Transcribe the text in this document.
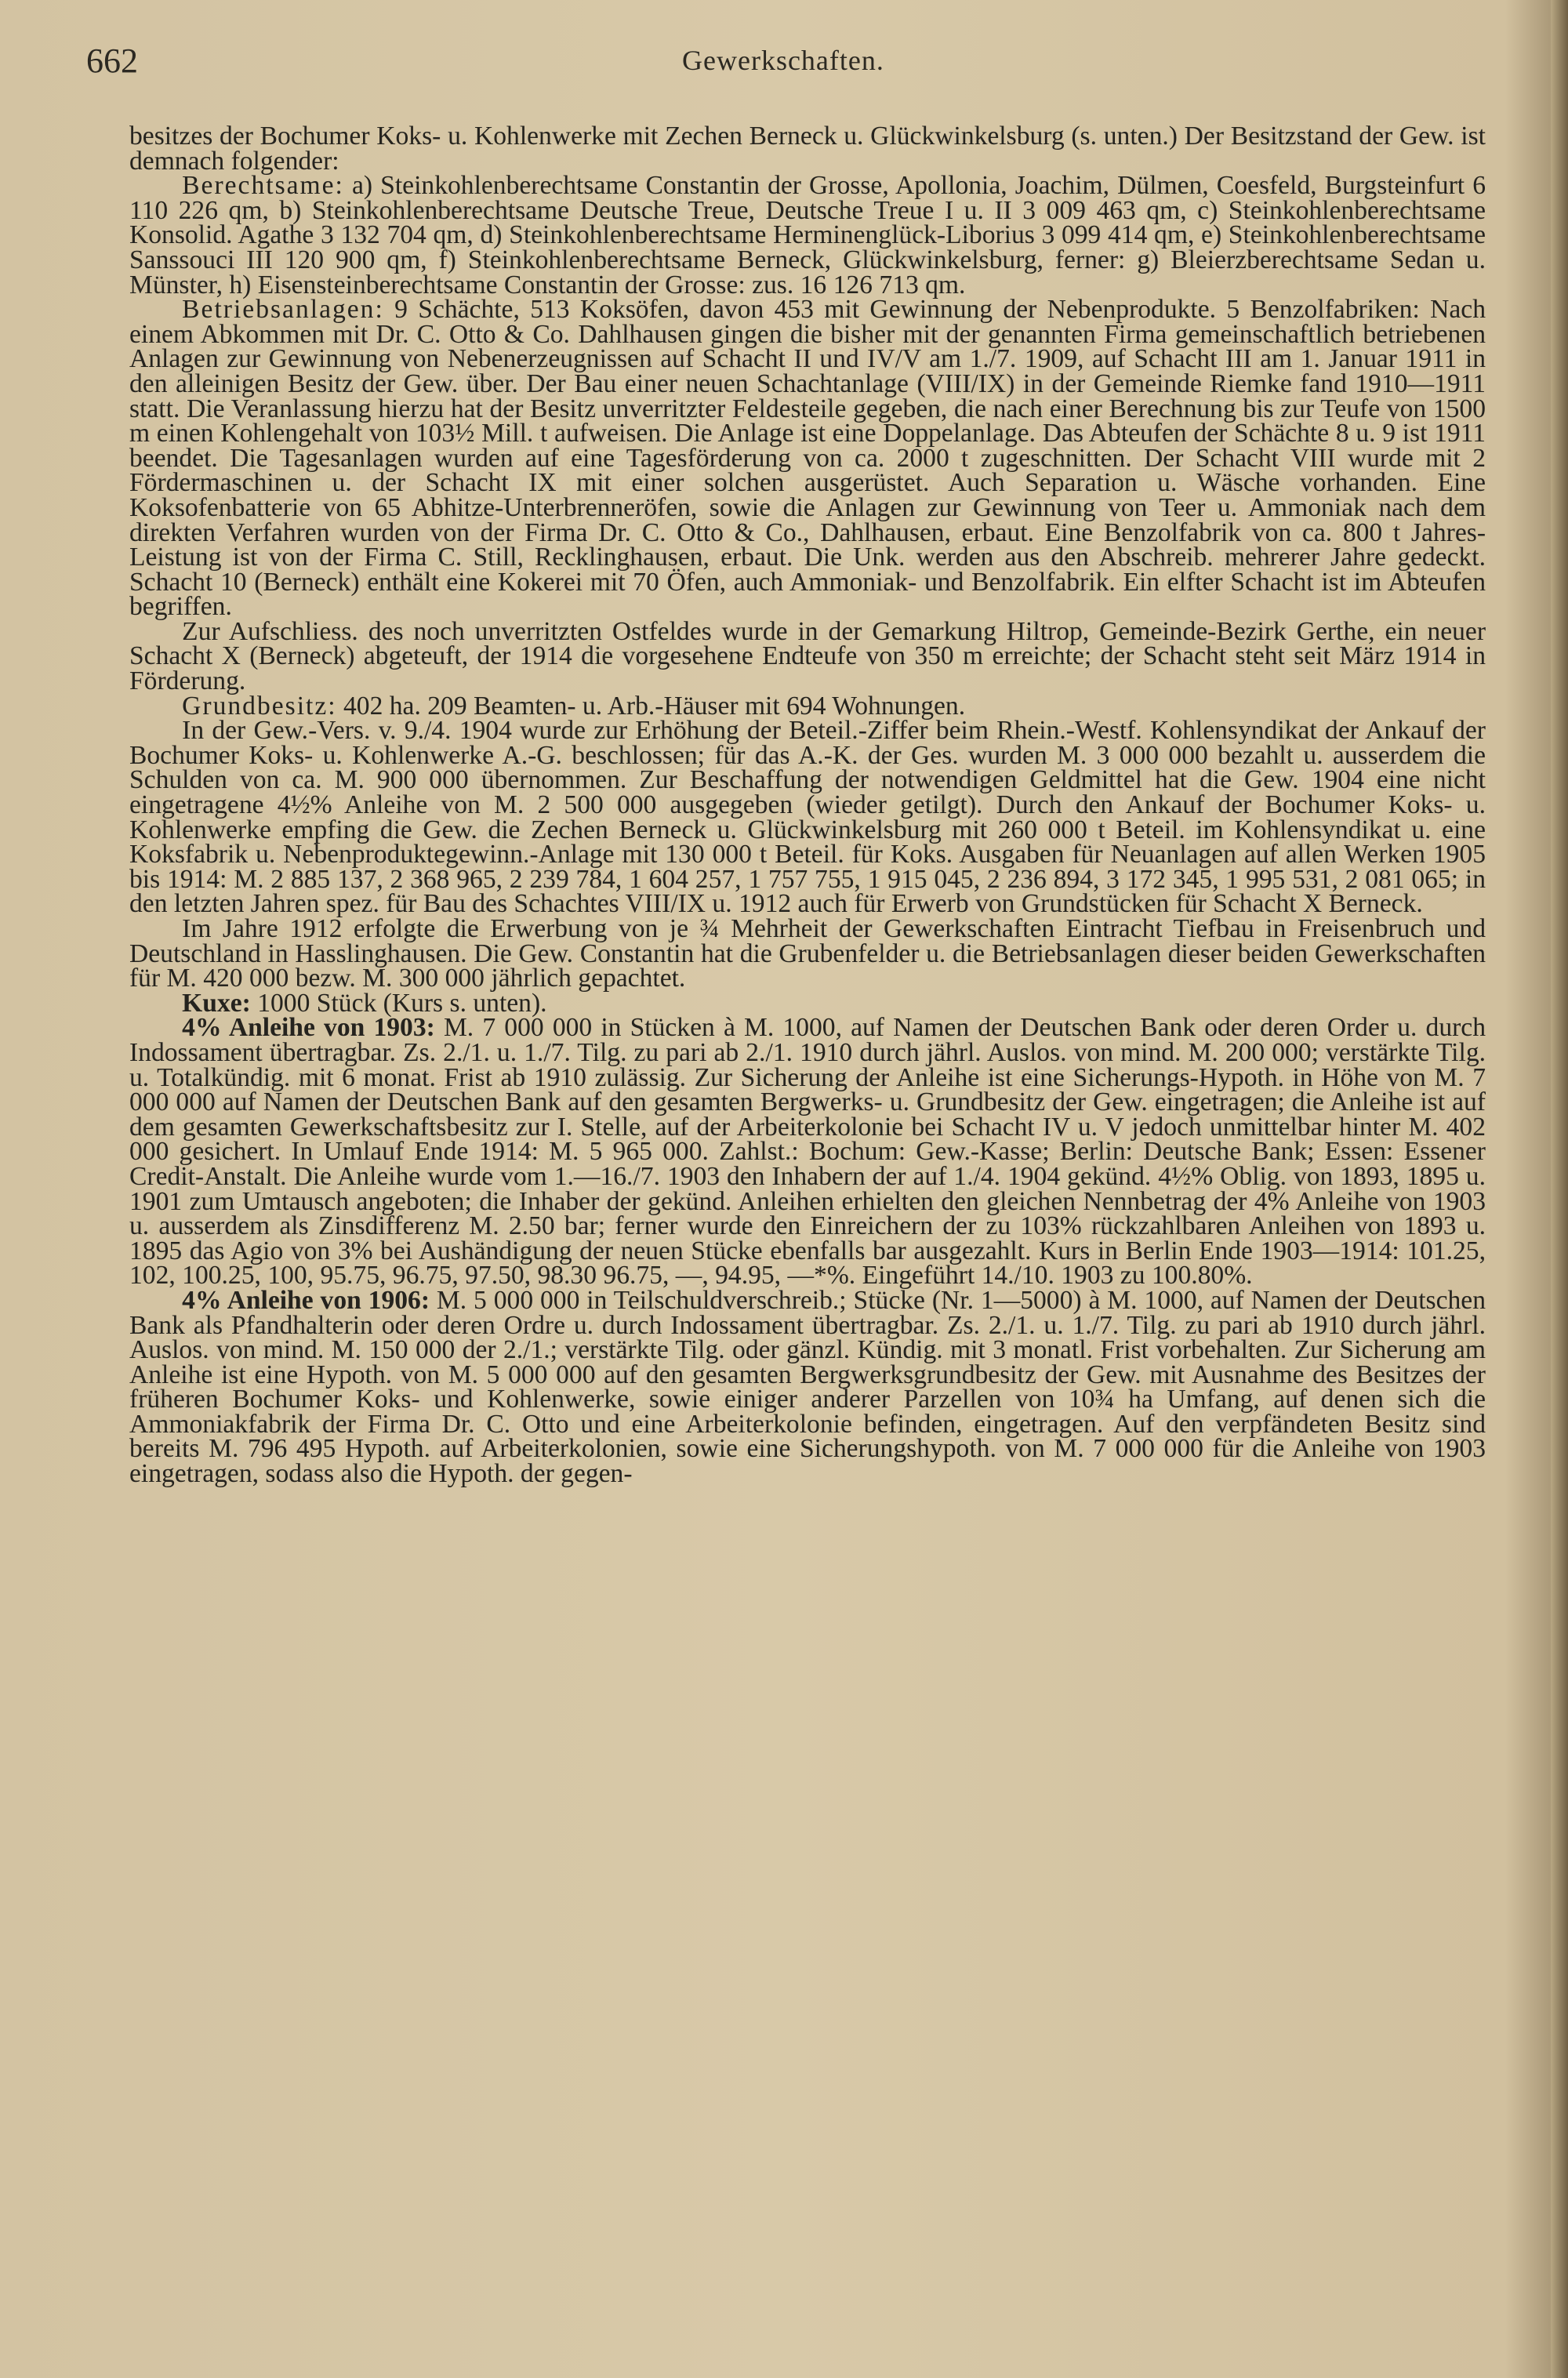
662	Gewerkschaften.

besitzes der Bochumer Koks- u. Kohlenwerke mit Zechen Berneck u. Glückwinkelsburg (s. unten.) Der Besitzstand der Gew. ist demnach folgender:

  Berechtsame: a) Steinkohlenberechtsame Constantin der Grosse, Apollonia, Joachim, Dülmen, Coesfeld, Burgsteinfurt 6 110 226 qm, b) Steinkohlenberechtsame Deutsche Treue, Deutsche Treue I u. II 3 009 463 qm, c) Steinkohlenberechtsame Konsolid. Agathe 3 132 704 qm, d) Steinkohlenberechtsame Herminenglück-Liborius 3 099 414 qm, e) Steinkohlenberechtsame Sanssouci III 120 900 qm, f) Steinkohlenberechtsame Berneck, Glückwinkelsburg, ferner: g) Bleierzberechtsame Sedan u. Münster, h) Eisensteinberechtsame Constantin der Grosse: zus. 16 126 713 qm.

  Betriebsanlagen: 9 Schächte, 513 Koksöfen, davon 453 mit Gewinnung der Nebenprodukte. 5 Benzolfabriken: Nach einem Abkommen mit Dr. C. Otto & Co. Dahlhausen gingen die bisher mit der genannten Firma gemeinschaftlich betriebenen Anlagen zur Gewinnung von Nebenerzeugnissen auf Schacht II und IV/V am 1./7. 1909, auf Schacht III am 1. Januar 1911 in den alleinigen Besitz der Gew. über. Der Bau einer neuen Schachtanlage (VIII/IX) in der Gemeinde Riemke fand 1910—1911 statt. Die Veranlassung hierzu hat der Besitz unverritzter Feldesteile gegeben, die nach einer Berechnung bis zur Teufe von 1500 m einen Kohlengehalt von 103½ Mill. t aufweisen. Die Anlage ist eine Doppelanlage. Das Abteufen der Schächte 8 u. 9 ist 1911 beendet. Die Tagesanlagen wurden auf eine Tagesförderung von ca. 2000 t zugeschnitten. Der Schacht VIII wurde mit 2 Fördermaschinen u. der Schacht IX mit einer solchen ausgerüstet. Auch Separation u. Wäsche vorhanden. Eine Koksofenbatterie von 65 Abhitze-Unterbrenneröfen, sowie die Anlagen zur Gewinnung von Teer u. Ammoniak nach dem direkten Verfahren wurden von der Firma Dr. C. Otto & Co., Dahlhausen, erbaut. Eine Benzolfabrik von ca. 800 t Jahres-Leistung ist von der Firma C. Still, Recklinghausen, erbaut. Die Unk. werden aus den Abschreib. mehrerer Jahre gedeckt. Schacht 10 (Berneck) enthält eine Kokerei mit 70 Öfen, auch Ammoniak- und Benzolfabrik. Ein elfter Schacht ist im Abteufen begriffen.

  Zur Aufschliess. des noch unverritzten Ostfeldes wurde in der Gemarkung Hiltrop, Gemeinde-Bezirk Gerthe, ein neuer Schacht X (Berneck) abgeteuft, der 1914 die vorgesehene Endteufe von 350 m erreichte; der Schacht steht seit März 1914 in Förderung.

  Grundbesitz: 402 ha. 209 Beamten- u. Arb.-Häuser mit 694 Wohnungen.

  In der Gew.-Vers. v. 9./4. 1904 wurde zur Erhöhung der Beteil.-Ziffer beim Rhein.-Westf. Kohlensyndikat der Ankauf der Bochumer Koks- u. Kohlenwerke A.-G. beschlossen; für das A.-K. der Ges. wurden M. 3 000 000 bezahlt u. ausserdem die Schulden von ca. M. 900 000 übernommen. Zur Beschaffung der notwendigen Geldmittel hat die Gew. 1904 eine nicht eingetragene 4½% Anleihe von M. 2 500 000 ausgegeben (wieder getilgt). Durch den Ankauf der Bochumer Koks- u. Kohlenwerke empfing die Gew. die Zechen Berneck u. Glückwinkelsburg mit 260 000 t Beteil. im Kohlensyndikat u. eine Koksfabrik u. Nebenproduktegewinn.-Anlage mit 130 000 t Beteil. für Koks. Ausgaben für Neuanlagen auf allen Werken 1905 bis 1914: M. 2 885 137, 2 368 965, 2 239 784, 1 604 257, 1 757 755, 1 915 045, 2 236 894, 3 172 345, 1 995 531, 2 081 065; in den letzten Jahren spez. für Bau des Schachtes VIII/IX u. 1912 auch für Erwerb von Grundstücken für Schacht X Berneck.

  Im Jahre 1912 erfolgte die Erwerbung von je ¾ Mehrheit der Gewerkschaften Eintracht Tiefbau in Freisenbruch und Deutschland in Hasslinghausen. Die Gew. Constantin hat die Grubenfelder u. die Betriebsanlagen dieser beiden Gewerkschaften für M. 420 000 bezw. M. 300 000 jährlich gepachtet.

  Kuxe: 1000 Stück (Kurs s. unten).

  4% Anleihe von 1903: M. 7 000 000 in Stücken à M. 1000, auf Namen der Deutschen Bank oder deren Order u. durch Indossament übertragbar. Zs. 2./1. u. 1./7. Tilg. zu pari ab 2./1. 1910 durch jährl. Auslos. von mind. M. 200 000; verstärkte Tilg. u. Totalkündig. mit 6 monat. Frist ab 1910 zulässig. Zur Sicherung der Anleihe ist eine Sicherungs-Hypoth. in Höhe von M. 7 000 000 auf Namen der Deutschen Bank auf den gesamten Bergwerks- u. Grundbesitz der Gew. eingetragen; die Anleihe ist auf dem gesamten Gewerkschaftsbesitz zur I. Stelle, auf der Arbeiterkolonie bei Schacht IV u. V jedoch unmittelbar hinter M. 402 000 gesichert. In Umlauf Ende 1914: M. 5 965 000. Zahlst.: Bochum: Gew.-Kasse; Berlin: Deutsche Bank; Essen: Essener Credit-Anstalt. Die Anleihe wurde vom 1.—16./7. 1903 den Inhabern der auf 1./4. 1904 gekünd. 4½% Oblig. von 1893, 1895 u. 1901 zum Umtausch angeboten; die Inhaber der gekünd. Anleihen erhielten den gleichen Nennbetrag der 4% Anleihe von 1903 u. ausserdem als Zinsdifferenz M. 2.50 bar; ferner wurde den Einreichern der zu 103% rückzahlbaren Anleihen von 1893 u. 1895 das Agio von 3% bei Aushändigung der neuen Stücke ebenfalls bar ausgezahlt. Kurs in Berlin Ende 1903—1914: 101.25, 102, 100.25, 100, 95.75, 96.75, 97.50, 98.30 96.75, —, 94.95, —*%. Eingeführt 14./10. 1903 zu 100.80%.

  4% Anleihe von 1906: M. 5 000 000 in Teilschuldverschreib.; Stücke (Nr. 1—5000) à M. 1000, auf Namen der Deutschen Bank als Pfandhalterin oder deren Ordre u. durch Indossament übertragbar. Zs. 2./1. u. 1./7. Tilg. zu pari ab 1910 durch jährl. Auslos. von mind. M. 150 000 der 2./1.; verstärkte Tilg. oder gänzl. Kündig. mit 3 monatl. Frist vorbehalten. Zur Sicherung am Anleihe ist eine Hypoth. von M. 5 000 000 auf den gesamten Bergwerksgrundbesitz der Gew. mit Ausnahme des Besitzes der früheren Bochumer Koks- und Kohlenwerke, sowie einiger anderer Parzellen von 10¾ ha Umfang, auf denen sich die Ammoniakfabrik der Firma Dr. C. Otto und eine Arbeiterkolonie befinden, eingetragen. Auf den verpfändeten Besitz sind bereits M. 796 495 Hypoth. auf Arbeiterkolonien, sowie eine Sicherungshypoth. von M. 7 000 000 für die Anleihe von 1903 eingetragen, sodass also die Hypoth. der gegen-
